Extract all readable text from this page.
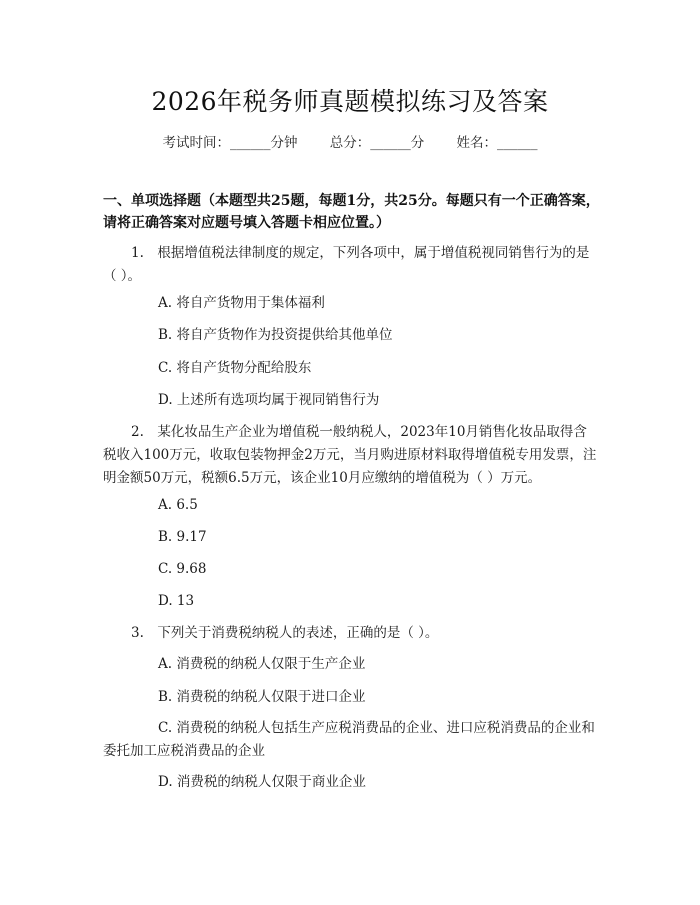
2026年税务师真题模拟练习及答案
考试时间：______分钟 总分：______分 姓名：______
一、单项选择题（本题型共25题，每题1分，共25分。每题只有一个正确答案，请将正确答案对应题号填入答题卡相应位置。）
1.　根据增值税法律制度的规定，下列各项中，属于增值税视同销售行为的是（ ）。
A. 将自产货物用于集体福利
B. 将自产货物作为投资提供给其他单位
C. 将自产货物分配给股东
D. 上述所有选项均属于视同销售行为
2.　某化妆品生产企业为增值税一般纳税人，2023年10月销售化妆品取得含税收入100万元，收取包装物押金2万元，当月购进原材料取得增值税专用发票，注明金额50万元，税额6.5万元，该企业10月应缴纳的增值税为（ ）万元。
A. 6.5
B. 9.17
C. 9.68
D. 13
3.　下列关于消费税纳税人的表述，正确的是（ ）。
A. 消费税的纳税人仅限于生产企业
B. 消费税的纳税人仅限于进口企业
C. 消费税的纳税人包括生产应税消费品的企业、进口应税消费品的企业和委托加工应税消费品的企业
D. 消费税的纳税人仅限于商业企业
